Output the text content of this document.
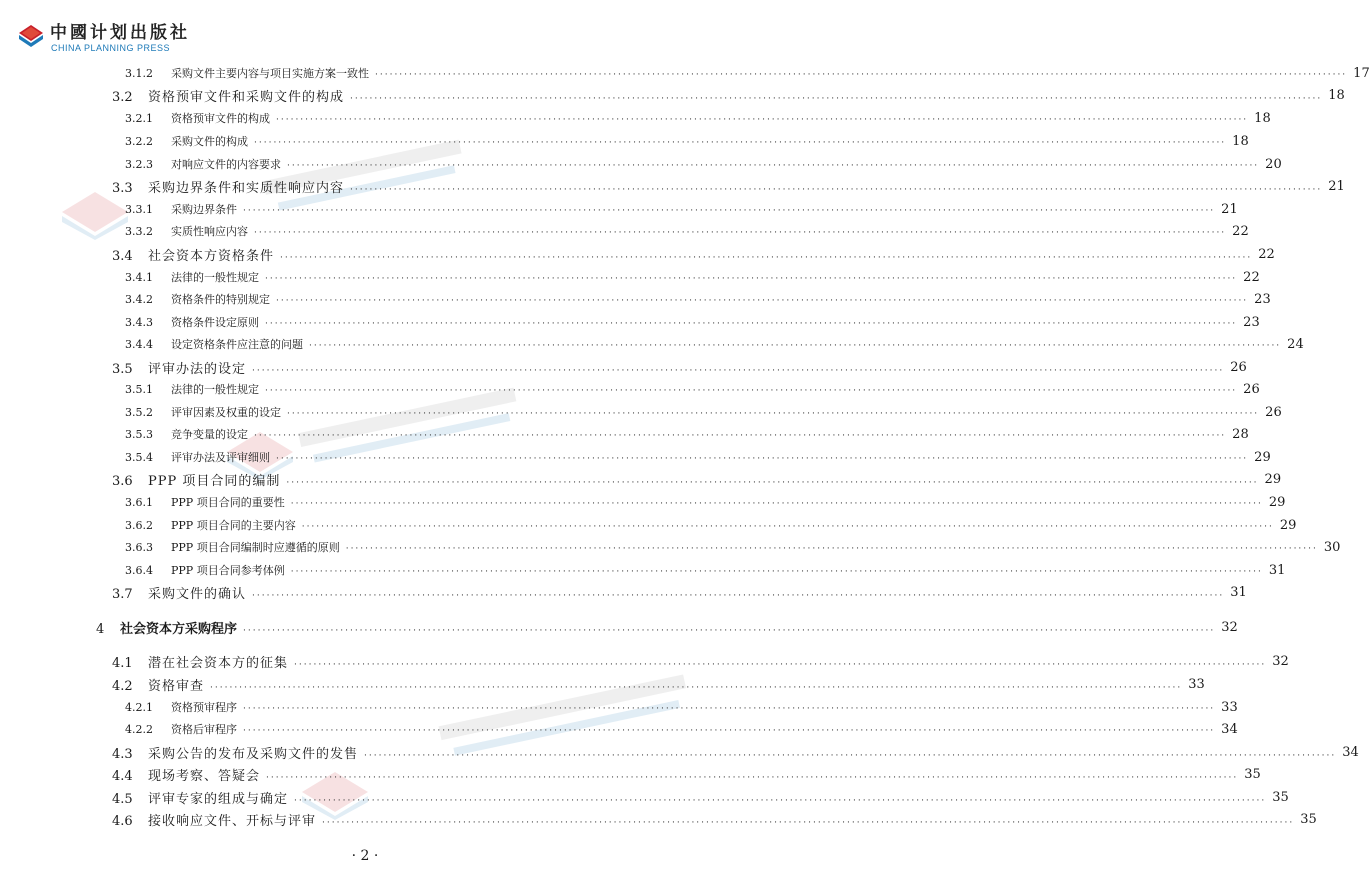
中國计划出版社
CHINA PLANNING PRESS
3.1.2	采购文件主要内容与项目实施方案一致性 ········································································································································································································ 17
3.2	资格预审文件和采购文件的构成 ········································································································································································································ 18
3.2.1	资格预审文件的构成 ········································································································································································································ 18
3.2.2	采购文件的构成 ········································································································································································································ 18
3.2.3	对响应文件的内容要求 ········································································································································································································ 20
3.3	采购边界条件和实质性响应内容 ········································································································································································································ 21
3.3.1	采购边界条件 ········································································································································································································ 21
3.3.2	实质性响应内容 ········································································································································································································ 22
3.4	社会资本方资格条件 ········································································································································································································ 22
3.4.1	法律的一般性规定 ········································································································································································································ 22
3.4.2	资格条件的特别规定 ········································································································································································································ 23
3.4.3	资格条件设定原则 ········································································································································································································ 23
3.4.4	设定资格条件应注意的问题 ········································································································································································································ 24
3.5	评审办法的设定 ········································································································································································································ 26
3.5.1	法律的一般性规定 ········································································································································································································ 26
3.5.2	评审因素及权重的设定 ········································································································································································································ 26
3.5.3	竞争变量的设定 ········································································································································································································ 28
3.5.4	评审办法及评审细则 ········································································································································································································ 29
3.6	PPP 项目合同的编制 ········································································································································································································ 29
3.6.1	PPP 项目合同的重要性 ········································································································································································································ 29
3.6.2	PPP 项目合同的主要内容 ········································································································································································································ 29
3.6.3	PPP 项目合同编制时应遵循的原则 ········································································································································································································ 30
3.6.4	PPP 项目合同参考体例 ········································································································································································································ 31
3.7	采购文件的确认 ········································································································································································································ 31
4	社会资本方采购程序 ········································································································································································································ 32
4.1	潜在社会资本方的征集 ········································································································································································································ 32
4.2	资格审查 ········································································································································································································ 33
4.2.1	资格预审程序 ········································································································································································································ 33
4.2.2	资格后审程序 ········································································································································································································ 34
4.3	采购公告的发布及采购文件的发售 ········································································································································································································ 34
4.4	现场考察、答疑会 ········································································································································································································ 35
4.5	评审专家的组成与确定 ········································································································································································································ 35
4.6	接收响应文件、开标与评审 ········································································································································································································ 35
· 2 ·
